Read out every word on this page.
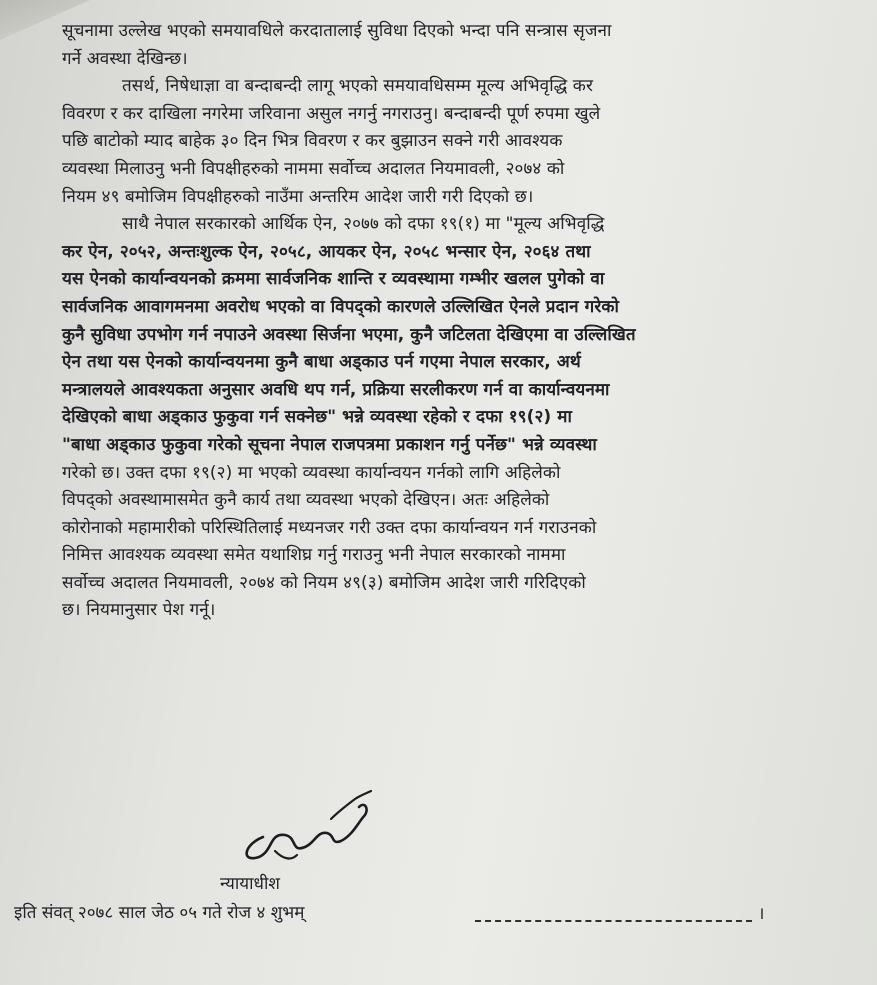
सूचनामा उल्लेख भएको समयावधिले करदातालाई सुविधा दिएको भन्दा पनि सन्त्रास सृजना
गर्ने अवस्था देखिन्छ।
तसर्थ, निषेधाज्ञा वा बन्दाबन्दी लागू भएको समयावधिसम्म मूल्य अभिवृद्धि कर
विवरण र कर दाखिला नगरेमा जरिवाना असुल नगर्नु नगराउनु। बन्दाबन्दी पूर्ण रुपमा खुले
पछि बाटोको म्याद बाहेक ३० दिन भित्र विवरण र कर बुझाउन सक्ने गरी आवश्यक
व्यवस्था मिलाउनु भनी विपक्षीहरुको नाममा सर्वोच्च अदालत नियमावली, २०७४ को
नियम ४९ बमोजिम विपक्षीहरुको नाउँमा अन्तरिम आदेश जारी गरी दिएको छ।
साथै नेपाल सरकारको आर्थिक ऐन, २०७७ को दफा १९(१) मा "मूल्य अभिवृद्धि
कर ऐन, २०५२, अन्तःशुल्क ऐन, २०५८, आयकर ऐन, २०५८ भन्सार ऐन, २०६४ तथा
यस ऐनको कार्यान्वयनको क्रममा सार्वजनिक शान्ति र व्यवस्थामा गम्भीर खलल पुगेको वा
सार्वजनिक आवागमनमा अवरोध भएको वा विपद्को कारणले उल्लिखित ऐनले प्रदान गरेको
कुनै सुविधा उपभोग गर्न नपाउने अवस्था सिर्जना भएमा, कुनै जटिलता देखिएमा वा उल्लिखित
ऐन तथा यस ऐनको कार्यान्वयनमा कुनै बाधा अड्काउ पर्न गएमा नेपाल सरकार, अर्थ
मन्त्रालयले आवश्यकता अनुसार अवधि थप गर्न, प्रक्रिया सरलीकरण गर्न वा कार्यान्वयनमा
देखिएको बाधा अड्काउ फुकुवा गर्न सक्नेछ" भन्ने व्यवस्था रहेको र दफा १९(२) मा
"बाधा अड्काउ फुकुवा गरेको सूचना नेपाल राजपत्रमा प्रकाशन गर्नु पर्नेछ" भन्ने व्यवस्था
गरेको छ। उक्त दफा १९(२) मा भएको व्यवस्था कार्यान्वयन गर्नको लागि अहिलेको
विपद्को अवस्थामासमेत कुनै कार्य तथा व्यवस्था भएको देखिएन। अतः अहिलेको
कोरोनाको महामारीको परिस्थितिलाई मध्यनजर गरी उक्त दफा कार्यान्वयन गर्न गराउनको
निमित्त आवश्यक व्यवस्था समेत यथाशिघ्र गर्नु गराउनु भनी नेपाल सरकारको नाममा
सर्वोच्च अदालत नियमावली, २०७४ को नियम ४९(३) बमोजिम आदेश जारी गरिदिएको
छ। नियमानुसार पेश गर्नू।
न्यायाधीश
इति संवत् २०७८ साल जेठ ०५ गते रोज ४ शुभम्	।
